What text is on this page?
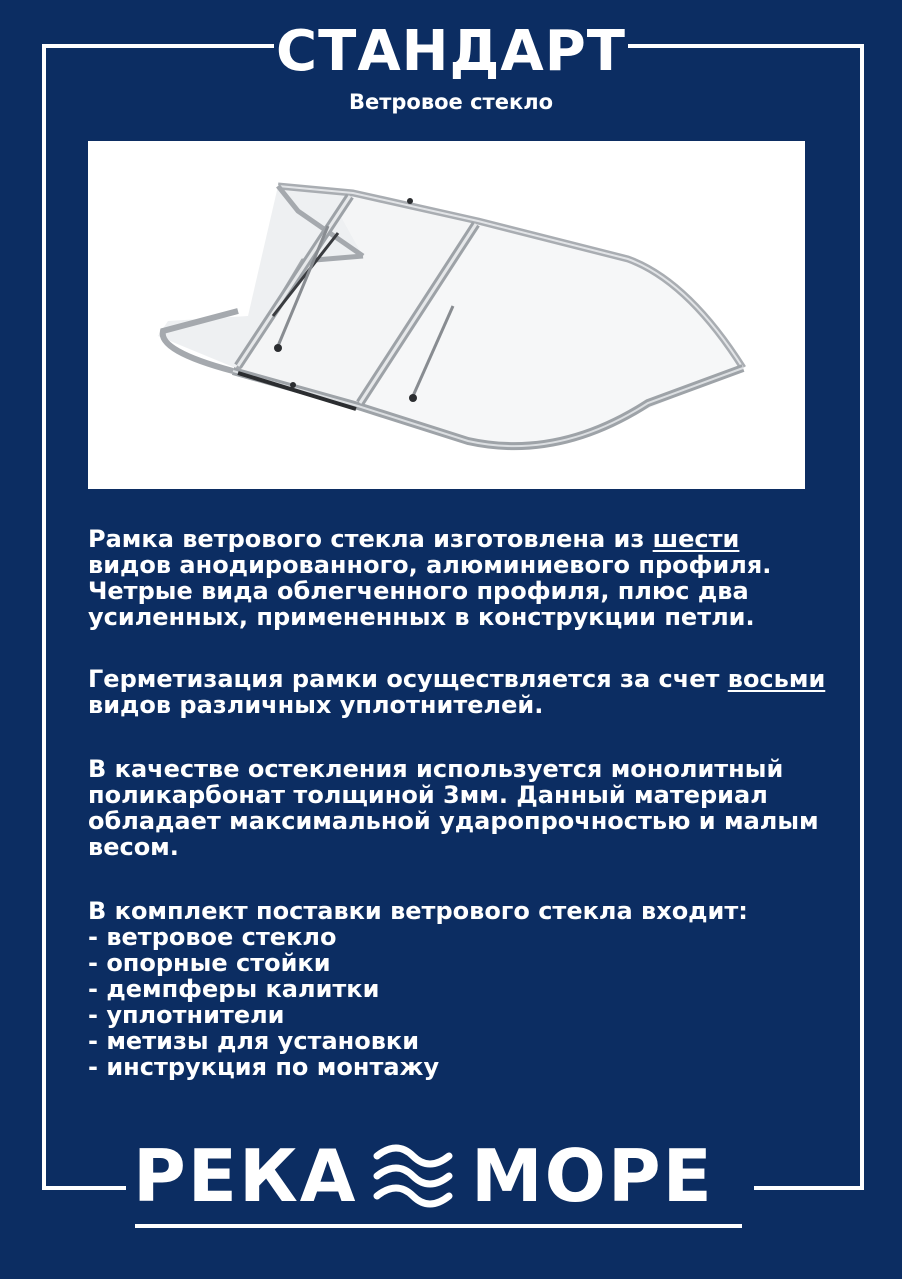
СТАНДАРТ
Ветровое стекло

Рамка ветрового стекла изготовлена из шести видов анодированного, алюминиевого профиля. Четрые вида облегченного профиля, плюс два усиленных, примененных в конструкции петли.

Герметизация рамки осуществляется за счет восьми видов различных уплотнителей.

В качестве остекления используется монолитный поликарбонат толщиной 3мм. Данный материал обладает максимальной ударопрочностью и малым весом.

В комплект поставки ветрового стекла входит:

- ветровое стекло
- опорные стойки
- демпферы калитки
- уплотнители
- метизы для установки
- инструкция по монтажу
РЕКА МОРЕ
